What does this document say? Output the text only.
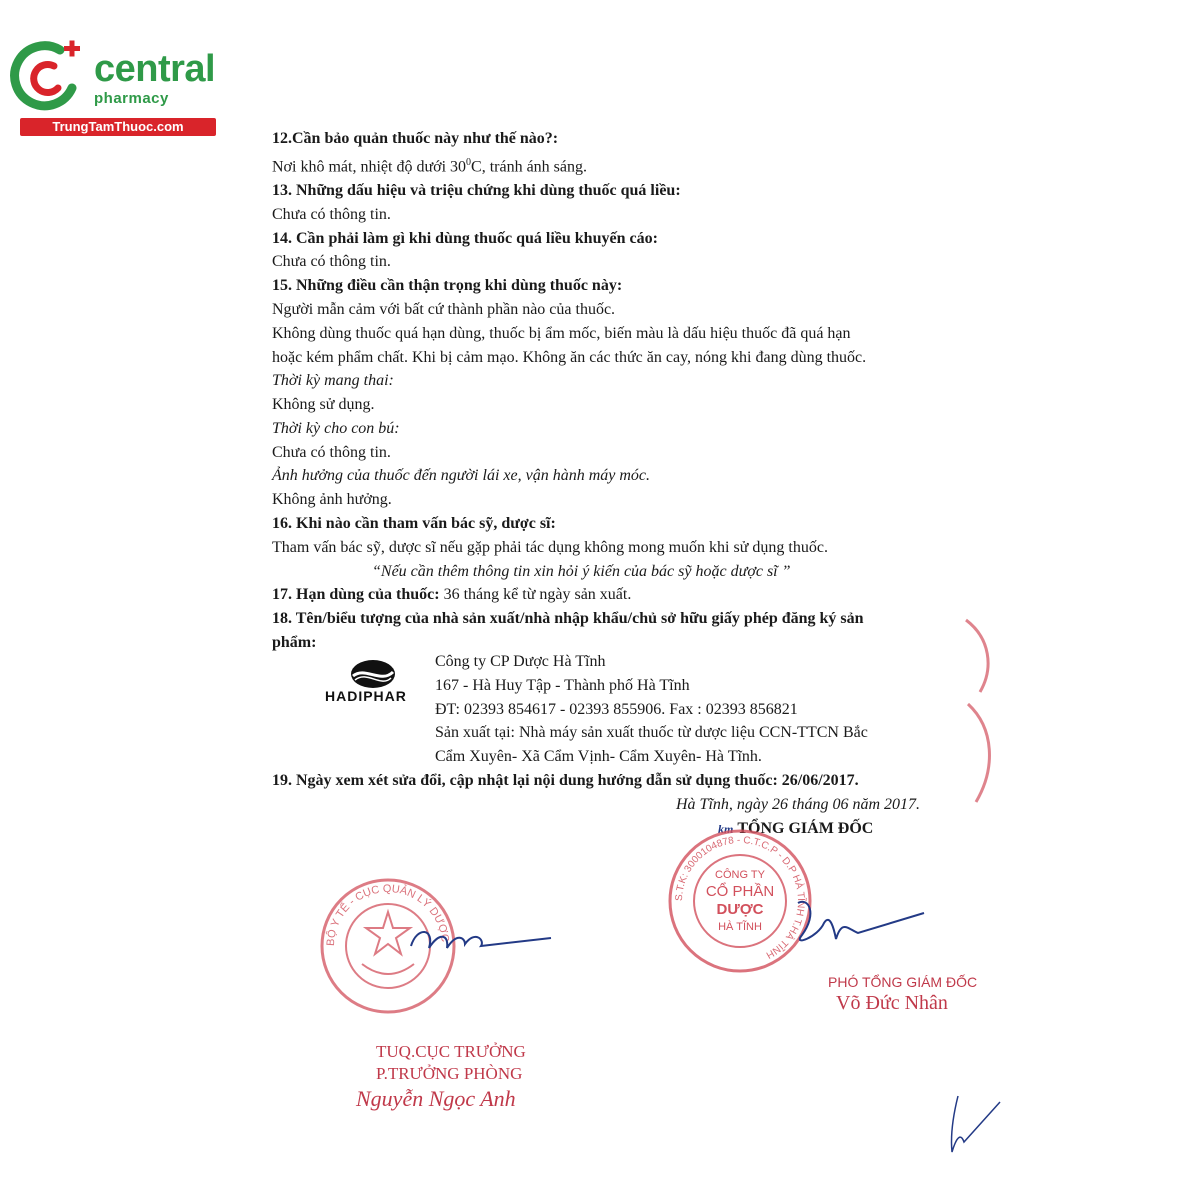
central
pharmacy
TrungTamThuoc.com

12.Cần bảo quản thuốc này như thế nào?:

Nơi khô mát, nhiệt độ dưới $30^0C$, tránh ánh sáng.

13. Những dấu hiệu và triệu chứng khi dùng thuốc quá liều:

Chưa có thông tin.

14. Cần phải làm gì khi dùng thuốc quá liều khuyến cáo:

Chưa có thông tin.

15. Những điều cần thận trọng khi dùng thuốc này:

Người mẫn cảm với bất cứ thành phần nào của thuốc.

Không dùng thuốc quá hạn dùng, thuốc bị ẩm mốc, biến màu là dấu hiệu thuốc đã quá hạn

hoặc kém phẩm chất. Khi bị cảm mạo. Không ăn các thức ăn cay, nóng khi đang dùng thuốc.

Thời kỳ mang thai:

Không sử dụng.

Thời kỳ cho con bú:

Chưa có thông tin.

Ảnh hưởng của thuốc đến người lái xe, vận hành máy móc.

Không ảnh hưởng.

16. Khi nào cần tham vấn bác sỹ, dược sĩ:

Tham vấn bác sỹ, dược sĩ nếu gặp phải tác dụng không mong muốn khi sử dụng thuốc.

“Nếu cần thêm thông tin xin hỏi ý kiến của bác sỹ hoặc dược sĩ ”

17. Hạn dùng của thuốc: 36 tháng kể từ ngày sản xuất.

18. Tên/biểu tượng của nhà sản xuất/nhà nhập khẩu/chủ sở hữu giấy phép đăng ký sản

phẩm:

HADIPHAR

Công ty CP Dược Hà Tĩnh

167 - Hà Huy Tập - Thành phố Hà Tĩnh

ĐT: 02393 854617 - 02393 855906. Fax : 02393 856821

Sản xuất tại: Nhà máy sản xuất thuốc từ dược liệu CCN-TTCN Bắc

Cẩm Xuyên- Xã Cẩm Vịnh- Cẩm Xuyên- Hà Tĩnh.

19. Ngày xem xét sửa đổi, cập nhật lại nội dung hướng dẫn sử dụng thuốc: 26/06/2017.
Hà Tĩnh, ngày 26 tháng 06 năm 2017.
km TỔNG GIÁM ĐỐC
S.T.K: 3000104878 - C.T.C.P - D.P HÀ TĨNH T.HÀ TĨNH
CÔNG TY
CỔ PHẦN
DƯỢC
HÀ TĨNH
BỘ Y TẾ - CỤC QUẢN LÝ DƯỢC
PHÓ TỔNG GIÁM ĐỐC
Võ Đức Nhân
TUQ.CỤC TRƯỞNG
P.TRƯỞNG PHÒNG
Nguyễn Ngọc Anh
